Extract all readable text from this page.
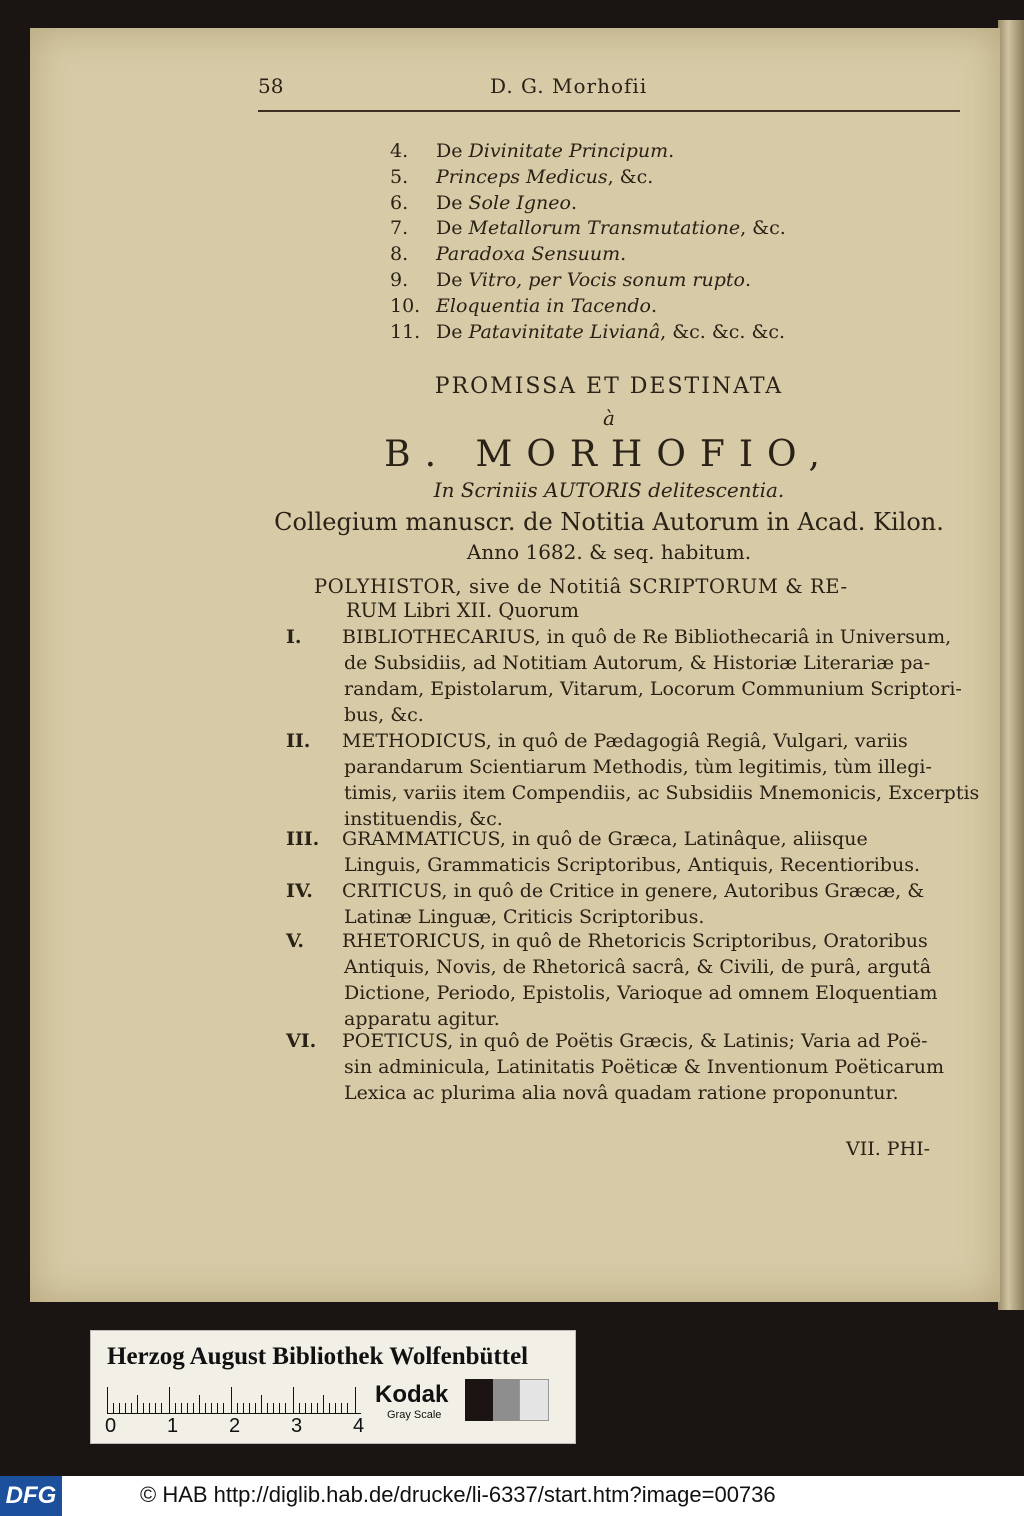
58	D. G. Morhofii
4. De Divinitate Principum.
5. Princeps Medicus, &c.
6. De Sole Igneo.
7. De Metallorum Transmutatione, &c.
8. Paradoxa Sensuum.
9. De Vitro, per Vocis sonum rupto.
10. Eloquentia in Tacendo.
11. De Patavinitate Livianâ, &c. &c. &c.
PROMISSA ET DESTINATA
à
B. MORHOFIO,
In Scriniis AUTORIS delitescentia.
Collegium manuscr. de Notitia Autorum in Acad. Kilon.
Anno 1682. & seq. habitum.
POLYHISTOR, sive de Notitiâ SCRIPTORUM & RE-
RUM Libri XII. Quorum
I. BIBLIOTHECARIUS, in quô de Re Bibliothecariâ in Universum,
de Subsidiis, ad Notitiam Autorum, & Historiæ Literariæ pa-
randam, Epistolarum, Vitarum, Locorum Communium Scriptori-
bus, &c.
II. METHODICUS, in quô de Pædagogiâ Regiâ, Vulgari, variis
parandarum Scientiarum Methodis, tùm legitimis, tùm illegi-
timis, variis item Compendiis, ac Subsidiis Mnemonicis, Excerptis
instituendis, &c.
III. GRAMMATICUS, in quô de Græca, Latinâque, aliisque
Linguis, Grammaticis Scriptoribus, Antiquis, Recentioribus.
IV. CRITICUS, in quô de Critice in genere, Autoribus Græcæ, &
Latinæ Linguæ, Criticis Scriptoribus.
V. RHETORICUS, in quô de Rhetoricis Scriptoribus, Oratoribus
Antiquis, Novis, de Rhetoricâ sacrâ, & Civili, de purâ, argutâ
Dictione, Periodo, Epistolis, Varioque ad omnem Eloquentiam
apparatu agitur.
VI. POETICUS, in quô de Poëtis Græcis, & Latinis; Varia ad Poë-
sin adminicula, Latinitatis Poëticæ & Inventionum Poëticarum
Lexica ac plurima alia novâ quadam ratione proponuntur.
VII. PHI-
Herzog August Bibliothek Wolfenbüttel
0	1	2	3	4
Kodak
Gray Scale
DFG	© HAB http://diglib.hab.de/drucke/li-6337/start.htm?image=00736
